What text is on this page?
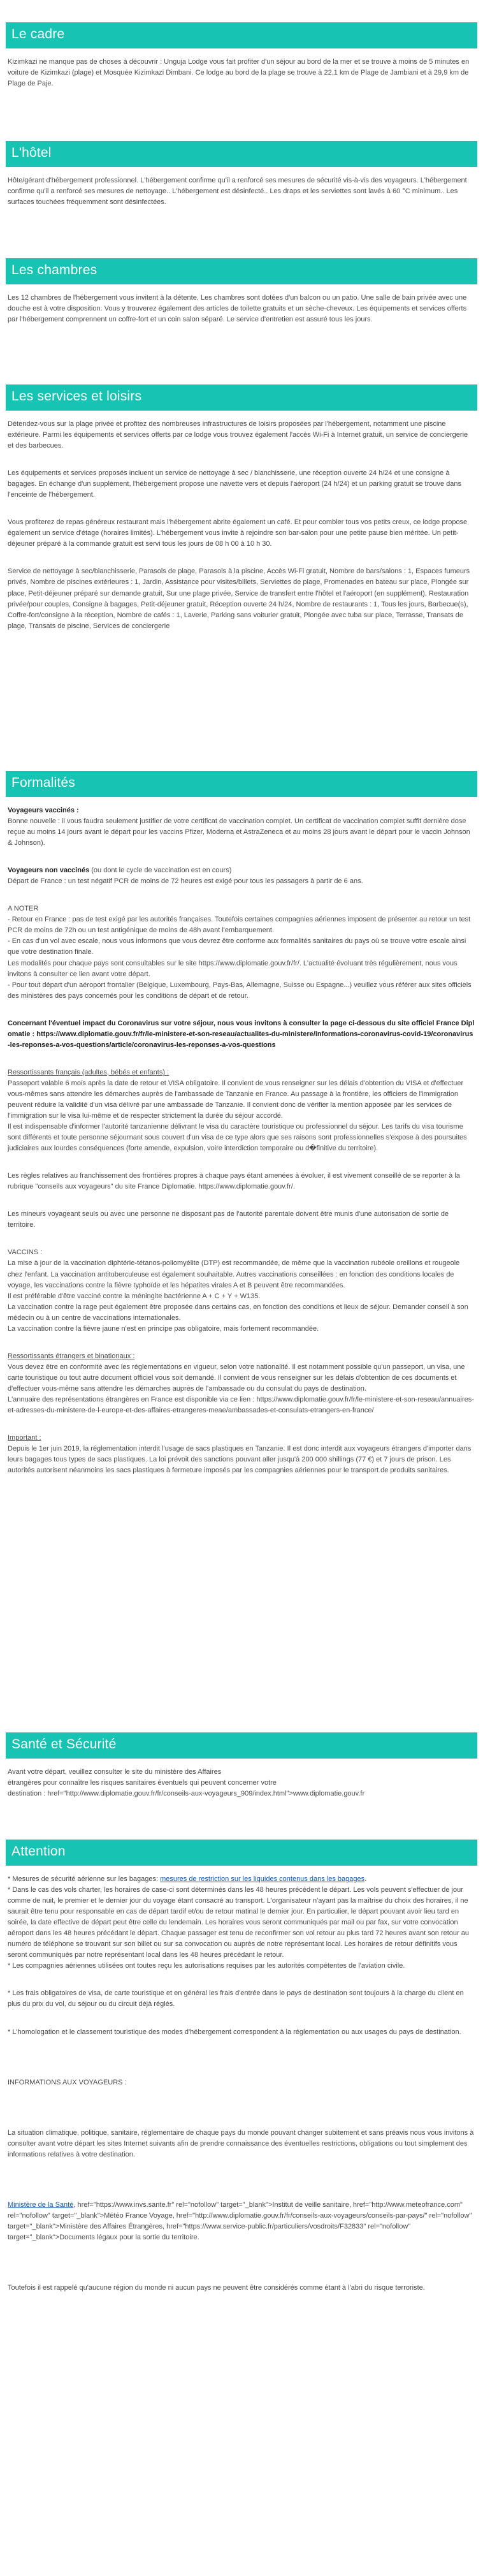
Le cadre

Kizimkazi ne manque pas de choses à découvrir : Unguja Lodge vous fait profiter d'un séjour au bord de la mer et se trouve à moins de 5 minutes en voiture de Kizimkazi (plage) et Mosquée Kizimkazi Dimbani. Ce lodge au bord de la plage se trouve à 22,1 km de Plage de Jambiani et à 29,9 km de Plage de Paje.

L'hôtel

Hôte/gérant d'hébergement professionnel. L'hébergement confirme qu'il a renforcé ses mesures de sécurité vis-à-vis des voyageurs. L'hébergement confirme qu'il a renforcé ses mesures de nettoyage.. L'hébergement est désinfecté.. Les draps et les serviettes sont lavés à 60 °C minimum.. Les surfaces touchées fréquemment sont désinfectées.

Les chambres

Les 12 chambres de l'hébergement vous invitent à la détente. Les chambres sont dotées d'un balcon ou un patio. Une salle de bain privée avec une douche est à votre disposition. Vous y trouverez également des articles de toilette gratuits et un sèche-cheveux. Les équipements et services offerts par l'hébergement comprennent un coffre-fort et un coin salon séparé. Le service d'entretien est assuré tous les jours.

Les services et loisirs

Détendez-vous sur la plage privée et profitez des nombreuses infrastructures de loisirs proposées par l'hébergement, notamment une piscine extérieure. Parmi les équipements et services offerts par ce lodge vous trouvez également l'accès Wi-Fi à Internet gratuit, un service de conciergerie et des barbecues.

Les équipements et services proposés incluent un service de nettoyage à sec / blanchisserie, une réception ouverte 24 h/24 et une consigne à bagages. En échange d'un supplément, l'hébergement propose une navette vers et depuis l'aéroport (24 h/24) et un parking gratuit se trouve dans l'enceinte de l'hébergement.

Vous profiterez de repas généreux restaurant mais l'hébergement abrite également un café. Et pour combler tous vos petits creux, ce lodge propose également un service d'étage (horaires limités). L'hébergement vous invite à rejoindre son bar-salon pour une petite pause bien méritée. Un petit-déjeuner préparé à la commande gratuit est servi tous les jours de 08 h 00 à 10 h 30.

Service de nettoyage à sec/blanchisserie, Parasols de plage, Parasols à la piscine, Accès Wi-Fi gratuit, Nombre de bars/salons : 1, Espaces fumeurs privés, Nombre de piscines extérieures : 1, Jardin, Assistance pour visites/billets, Serviettes de plage, Promenades en bateau sur place, Plongée sur place, Petit-déjeuner préparé sur demande gratuit, Sur une plage privée, Service de transfert entre l'hôtel et l'aéroport (en supplément), Restauration privée/pour couples, Consigne à bagages, Petit-déjeuner gratuit, Réception ouverte 24 h/24, Nombre de restaurants : 1, Tous les jours, Barbecue(s), Coffre-fort/consigne à la réception, Nombre de cafés : 1, Laverie, Parking sans voiturier gratuit, Plongée avec tuba sur place, Terrasse, Transats de plage, Transats de piscine, Services de conciergerie

Formalités

Voyageurs vaccinés :
Bonne nouvelle : il vous faudra seulement justifier de votre certificat de vaccination complet. Un certificat de vaccination complet suffit dernière dose reçue au moins 14 jours avant le départ pour les vaccins Pfizer, Moderna et AstraZeneca et au moins 28 jours avant le départ pour le vaccin Johnson & Johnson).

Voyageurs non vaccinés (ou dont le cycle de vaccination est en cours)
Départ de France : un test négatif PCR de moins de 72 heures est exigé pour tous les passagers à partir de 6 ans.

A NOTER
- Retour en France : pas de test exigé par les autorités françaises. Toutefois certaines compagnies aériennes imposent de présenter au retour un test PCR de moins de 72h ou un test antigénique de moins de 48h avant l'embarquement.
- En cas d'un vol avec escale, nous vous informons que vous devrez être conforme aux formalités sanitaires du pays où se trouve votre escale ainsi que votre destination finale.
Les modalités pour chaque pays sont consultables sur le site https://www.diplomatie.gouv.fr/fr/. L'actualité évoluant très régulièrement, nous vous invitons à consulter ce lien avant votre départ.
- Pour tout départ d'un aéroport frontalier (Belgique, Luxembourg, Pays-Bas, Allemagne, Suisse ou Espagne...) veuillez vous référer aux sites officiels des ministères des pays concernés pour les conditions de départ et de retour.

Concernant l'éventuel impact du Coronavirus sur votre séjour, nous vous invitons à consulter la page ci-dessous du site officiel France Diplomatie : https://www.diplomatie.gouv.fr/fr/le-ministere-et-son-reseau/actualites-du-ministere/informations-coronavirus-covid-19/coronavirus-les-reponses-a-vos-questions/article/coronavirus-les-reponses-a-vos-questions

Ressortissants français (adultes, bébés et enfants) :
Passeport valable 6 mois après la date de retour et VISA obligatoire. Il convient de vous renseigner sur les délais d'obtention du VISA et d'effectuer vous-mêmes sans attendre les démarches auprès de l'ambassade de Tanzanie en France. Au passage à la frontière, les officiers de l'immigration peuvent réduire la validité d'un visa délivré par une ambassade de Tanzanie. Il convient donc de vérifier la mention apposée par les services de l'immigration sur le visa lui-même et de respecter strictement la durée du séjour accordé.
Il est indispensable d'informer l'autorité tanzanienne délivrant le visa du caractère touristique ou professionnel du séjour. Les tarifs du visa tourisme sont différents et toute personne séjournant sous couvert d'un visa de ce type alors que ses raisons sont professionnelles s'expose à des poursuites judiciaires aux lourdes conséquences (forte amende, expulsion, voire interdiction temporaire ou d�finitive du territoire).

Les règles relatives au franchissement des frontières propres à chaque pays étant amenées à évoluer, il est vivement conseillé de se reporter à la rubrique "conseils aux voyageurs" du site France Diplomatie. https://www.diplomatie.gouv.fr/.

Les mineurs voyageant seuls ou avec une personne ne disposant pas de l'autorité parentale doivent être munis d'une autorisation de sortie de territoire.

VACCINS :
La mise à jour de la vaccination diphtérie-tétanos-poliomyélite (DTP) est recommandée, de même que la vaccination rubéole oreillons et rougeole chez l'enfant. La vaccination antituberculeuse est également souhaitable. Autres vaccinations conseillées : en fonction des conditions locales de voyage, les vaccinations contre la fièvre typhoïde et les hépatites virales A et B peuvent être recommandées.
Il est préférable d'être vacciné contre la méningite bactérienne A + C + Y + W135.
La vaccination contre la rage peut également être proposée dans certains cas, en fonction des conditions et lieux de séjour. Demander conseil à son médecin ou à un centre de vaccinations internationales.
La vaccination contre la fièvre jaune n'est en principe pas obligatoire, mais fortement recommandée.

Ressortissants étrangers et binationaux :
Vous devez être en conformité avec les réglementations en vigueur, selon votre nationalité. Il est notamment possible qu'un passeport, un visa, une carte touristique ou tout autre document officiel vous soit demandé. Il convient de vous renseigner sur les délais d'obtention de ces documents et d'effectuer vous-même sans attendre les démarches auprès de l'ambassade ou du consulat du pays de destination.
L'annuaire des représentations étrangères en France est disponible via ce lien : https://www.diplomatie.gouv.fr/fr/le-ministere-et-son-reseau/annuaires-et-adresses-du-ministere-de-l-europe-et-des-affaires-etrangeres-meae/ambassades-et-consulats-etrangers-en-france/

Important :
Depuis le 1er juin 2019, la réglementation interdit l'usage de sacs plastiques en Tanzanie. Il est donc interdit aux voyageurs étrangers d'importer dans leurs bagages tous types de sacs plastiques. La loi prévoit des sanctions pouvant aller jusqu'à 200 000 shillings (77 €) et 7 jours de prison. Les autorités autorisent néanmoins les sacs plastiques à fermeture imposés par les compagnies aériennes pour le transport de produits sanitaires.

Santé et Sécurité

Avant votre départ, veuillez consulter le site du ministère des Affaires
étrangères pour connaître les risques sanitaires éventuels qui peuvent concerner votre
destination : href="http://www.diplomatie.gouv.fr/fr/conseils-aux-voyageurs_909/index.html">www.diplomatie.gouv.fr

Attention

* Mesures de sécurité aérienne sur les bagages: mesures de restriction sur les liquides contenus dans les bagages.
* Dans le cas des vols charter, les horaires de case-ci sont déterminés dans les 48 heures précédent le départ. Les vols peuvent s'effectuer de jour comme de nuit, le premier et le dernier jour du voyage étant consacré au transport. L'organisateur n'ayant pas la maîtrise du choix des horaires, il ne saurait être tenu pour responsable en cas de départ tardif et/ou de retour matinal le dernier jour. En particulier, le départ pouvant avoir lieu tard en soirée, la date effective de départ peut être celle du lendemain. Les horaires vous seront communiqués par mail ou par fax, sur votre convocation aéroport dans les 48 heures précédant le départ. Chaque passager est tenu de reconfirmer son vol retour au plus tard 72 heures avant son retour au numéro de téléphone se trouvant sur son billet ou sur sa convocation ou auprès de notre représentant local. Les horaires de retour définitifs vous seront communiqués par notre représentant local dans les 48 heures précédant le retour.
* Les compagnies aériennes utilisées ont toutes reçu les autorisations requises par les autorités compétentes de l'aviation civile.

* Les frais obligatoires de visa, de carte touristique et en général les frais d'entrée dans le pays de destination sont toujours à la charge du client en plus du prix du vol, du séjour ou du circuit déjà réglés.

* L'homologation et le classement touristique des modes d'hébergement correspondent à la réglementation ou aux usages du pays de destination.

INFORMATIONS AUX VOYAGEURS :

La situation climatique, politique, sanitaire, réglementaire de chaque pays du monde pouvant changer subitement et sans préavis nous vous invitons à consulter avant votre départ les sites Internet suivants afin de prendre connaissance des éventuelles restrictions, obligations ou tout simplement des informations relatives à votre destination.

Ministère de la Santé, href="https://www.invs.sante.fr" rel="nofollow" target="_blank">Institut de veille sanitaire, href="http://www.meteofrance.com" rel="nofollow" target="_blank">Météo France Voyage, href="http://www.diplomatie.gouv.fr/fr/conseils-aux-voyageurs/conseils-par-pays/" rel="nofollow" target="_blank">Ministère des Affaires Étrangères, href="https://www.service-public.fr/particuliers/vosdroits/F32833" rel="nofollow" target="_blank">Documents légaux pour la sortie du territoire.

Toutefois il est rappelé qu'aucune région du monde ni aucun pays ne peuvent être considérés comme étant à l'abri du risque terroriste.
